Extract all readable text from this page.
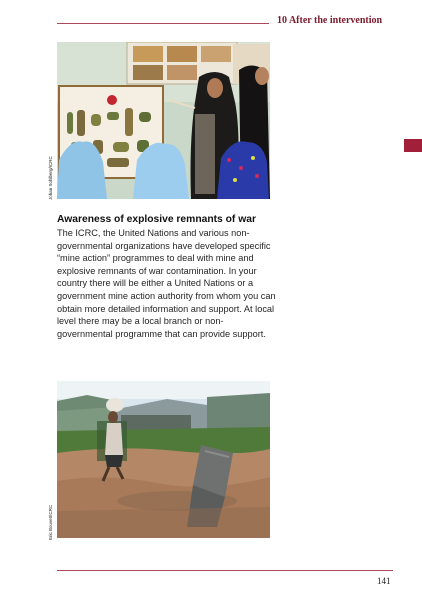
10 After the intervention
Johan Sohlberg/ICRC
Awareness of explosive remnants of war

The ICRC, the United Nations and various non-governmental organizations have developed specific “mine action” programmes to deal with mine and explosive remnants of war contamination. In your country there will be either a United Nations or a government mine action authority from whom you can obtain more detailed information and support. At local level there may be a local branch or non-governmental programme that can provide support.

Eric Bouvet/ICRC
141
